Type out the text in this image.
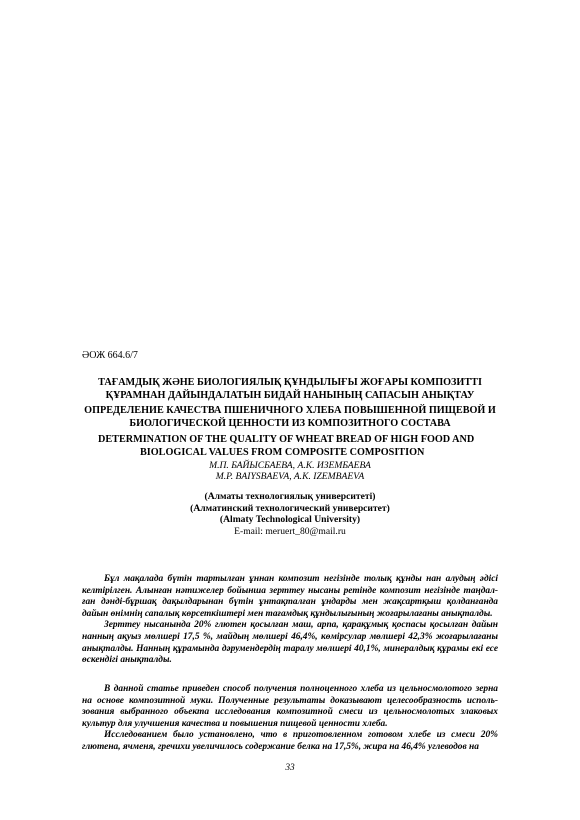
ӘОЖ 664.6/7
ТАҒАМДЫҚ ЖӘНЕ БИОЛОГИЯЛЫҚ ҚҰНДЫЛЫҒЫ ЖОҒАРЫ КОМПОЗИТТІ
ҚҰРАМНАН ДАЙЫНДАЛАТЫН БИДАЙ НАНЫНЫҢ САПАСЫН АНЫҚТАУ
ОПРЕДЕЛЕНИЕ КАЧЕСТВА ПШЕНИЧНОГО ХЛЕБА ПОВЫШЕННОЙ ПИЩЕВОЙ И
БИОЛОГИЧЕСКОЙ ЦЕННОСТИ ИЗ КОМПОЗИТНОГО СОСТАВА
DETERMINATION OF THE QUALITY OF WHEAT BREAD OF HIGH FOOD AND
BIOLOGICAL VALUES FROM COMPOSITE COMPOSITION
М.П. БАЙЫСБАЕВА, А.К. ИЗЕМБАЕВА
M.P. BAIYSBAEVA, A.K. IZEMBAEVA
(Алматы технологиялық университеті)
(Алматинский технологический университет)
(Almaty Technological University)
E-mail: meruert_80@mail.ru

Бұл мақалада бүтін тартылған ұннан композит негізінде толық құнды нан алудың әдісі келтірілген. Алынған нәтижелер бойынша зерттеу нысаны ретінде композит негізінде таңдал-ған дәнді-бұршақ дақылдарынан бүтін ұнтақталған ұндарды мен жақсартқыш қолданғанда дайын өнімнің сапалық көрсеткіштері мен тағамдық құндылығының жоғарылағаны анықталды.

Зерттеу нысанында 20% глютен қосылған маш, арпа, қарақұмық қоспасы қосылған дайын нанның ақуыз мөлшері 17,5 %, майдың мөлшері 46,4%, көмірсулар мөлшері 42,3% жоғарылағаны анықталды. Нанның құрамында дәрумендердің таралу мөлшері 40,1%, минералдық құрамы екі есе өскендігі анықталды.

В данной статье приведен способ получения полноценного хлеба из цельносмолотого зерна на основе композитной муки. Полученные результаты доказывают целесообразность исполь-зования выбранного объекта исследования композитной смеси из цельносмолотых злаковых культур для улучшения качества и повышения пищевой ценности хлеба.

Исследованием было установлено, что в приготовленном готовом хлебе из смеси 20% глютена, ячменя, гречихи увеличилось содержание белка на 17,5%, жира на 46,4% углеводов на

33
